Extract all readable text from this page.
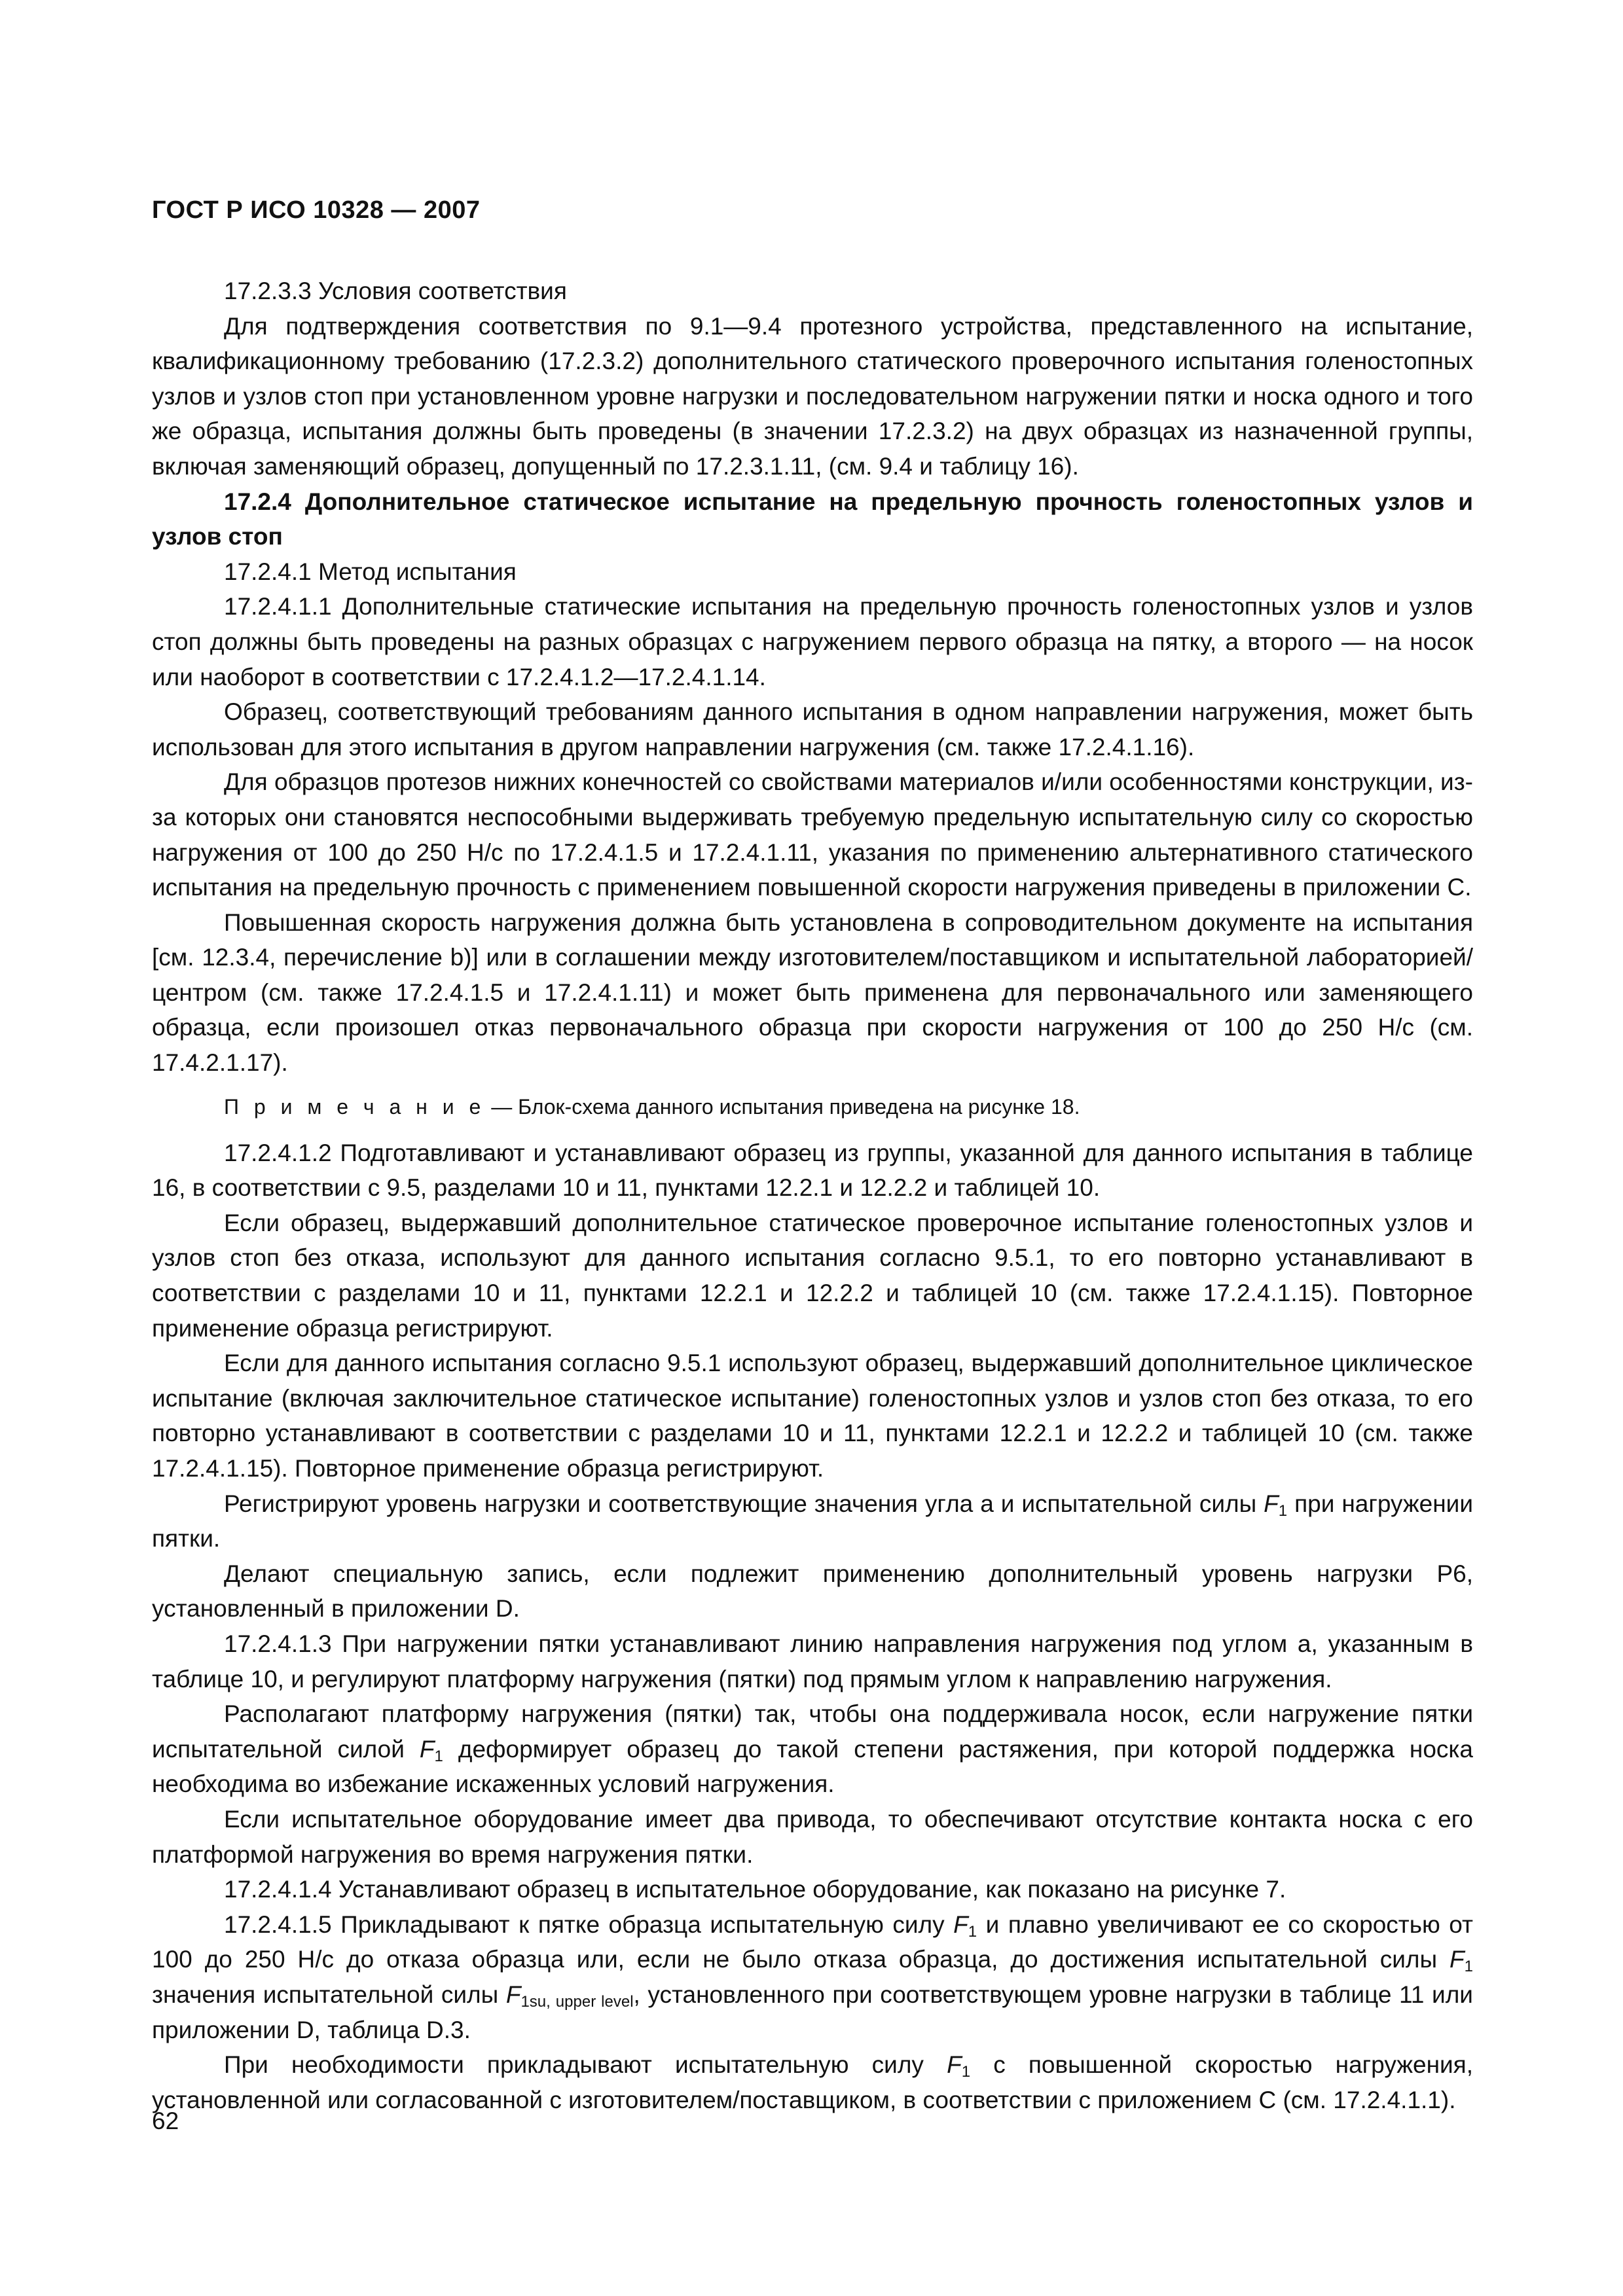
ГОСТ Р ИСО 10328 — 2007

17.2.3.3 Условия соответствия

Для подтверждения соответствия по 9.1—9.4 протезного устройства, представленного на испытание, квалификационному требованию (17.2.3.2) дополнительного статического проверочного испытания голеностопных узлов и узлов стоп при установленном уровне нагрузки и последовательном нагружении пятки и носка одного и того же образца, испытания должны быть проведены (в значении 17.2.3.2) на двух образцах из назначенной группы, включая заменяющий образец, допущенный по 17.2.3.1.11, (см. 9.4 и таблицу 16).

17.2.4 Дополнительное статическое испытание на предельную прочность голеностопных узлов и узлов стоп

17.2.4.1 Метод испытания

17.2.4.1.1 Дополнительные статические испытания на предельную прочность голеностопных узлов и узлов стоп должны быть проведены на разных образцах с нагружением первого образца на пятку, а второго — на носок или наоборот в соответствии с 17.2.4.1.2—17.2.4.1.14.

Образец, соответствующий требованиям данного испытания в одном направлении нагружения, может быть использован для этого испытания в другом направлении нагружения (см. также 17.2.4.1.16).

Для образцов протезов нижних конечностей со свойствами материалов и/или особенностями конструкции, из-за которых они становятся неспособными выдерживать требуемую предельную испытательную силу со скоростью нагружения от 100 до 250 Н/с по 17.2.4.1.5 и 17.2.4.1.11, указания по применению альтернативного статического испытания на предельную прочность с применением повышенной скорости нагружения приведены в приложении С.

Повышенная скорость нагружения должна быть установлена в сопроводительном документе на испытания [см. 12.3.4, перечисление b)] или в соглашении между изготовителем/поставщиком и испытательной лабораторией/центром (см. также 17.2.4.1.5 и 17.2.4.1.11) и может быть применена для первоначального или заменяющего образца, если произошел отказ первоначального образца при скорости нагружения от 100 до 250 Н/с (см. 17.4.2.1.17).

П р и м е ч а н и е — Блок-схема данного испытания приведена на рисунке 18.

17.2.4.1.2 Подготавливают и устанавливают образец из группы, указанной для данного испытания в таблице 16, в соответствии с 9.5, разделами 10 и 11, пунктами 12.2.1 и 12.2.2 и таблицей 10.

Если образец, выдержавший дополнительное статическое проверочное испытание голеностопных узлов и узлов стоп без отказа, используют для данного испытания согласно 9.5.1, то его повторно устанавливают в соответствии с разделами 10 и 11, пунктами 12.2.1 и 12.2.2 и таблицей 10 (см. также 17.2.4.1.15). Повторное применение образца регистрируют.

Если для данного испытания согласно 9.5.1 используют образец, выдержавший дополнительное циклическое испытание (включая заключительное статическое испытание) голеностопных узлов и узлов стоп без отказа, то его повторно устанавливают в соответствии с разделами 10 и 11, пунктами 12.2.1 и 12.2.2 и таблицей 10 (см. также 17.2.4.1.15). Повторное применение образца регистрируют.

Регистрируют уровень нагрузки и соответствующие значения угла а и испытательной силы $F_1$ при нагружении пятки.

Делают специальную запись, если подлежит применению дополнительный уровень нагрузки Р6, установленный в приложении D.

17.2.4.1.3 При нагружении пятки устанавливают линию направления нагружения под углом а, указанным в таблице 10, и регулируют платформу нагружения (пятки) под прямым углом к направлению нагружения.

Располагают платформу нагружения (пятки) так, чтобы она поддерживала носок, если нагружение пятки испытательной силой $F_1$ деформирует образец до такой степени растяжения, при которой поддержка носка необходима во избежание искаженных условий нагружения.

Если испытательное оборудование имеет два привода, то обеспечивают отсутствие контакта носка с его платформой нагружения во время нагружения пятки.

17.2.4.1.4 Устанавливают образец в испытательное оборудование, как показано на рисунке 7.

17.2.4.1.5 Прикладывают к пятке образца испытательную силу $F_1$ и плавно увеличивают ее со скоростью от 100 до 250 Н/с до отказа образца или, если не было отказа образца, до достижения испытательной силы $F_1$ значения испытательной силы $F_{1su, upper level}$, установленного при соответствующем уровне нагрузки в таблице 11 или приложении D, таблица D.3.

При необходимости прикладывают испытательную силу $F_1$ с повышенной скоростью нагружения, установленной или согласованной с изготовителем/поставщиком, в соответствии с приложением С (см. 17.2.4.1.1).

62
